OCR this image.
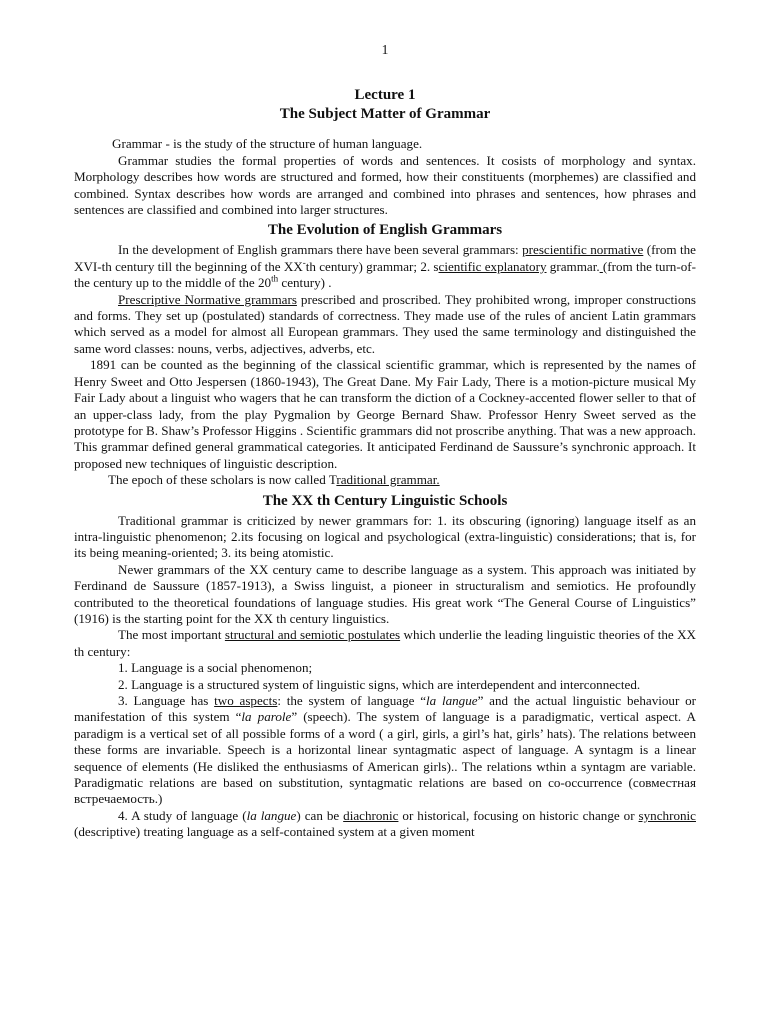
1
Lecture 1
The Subject Matter of Grammar

Grammar - is the study of the structure of human language.

Grammar studies the formal properties of words and sentences. It cosists of morphology and syntax. Morphology describes how words are structured and formed, how their constituents (morphemes) are classified and combined. Syntax describes how words are arranged and combined into phrases and sentences, how phrases and sentences are classified and combined into larger structures.

The Evolution of English Grammars

In the development of English grammars there have been several grammars: prescientific normative (from the XVI-th century till the beginning of the XX-th century) grammar; 2. scientific explanatory grammar. (from the turn-of-the century up to the middle of the 20th century) .

Prescriptive Normative grammars prescribed and proscribed. They prohibited wrong, improper constructions and forms. They set up (postulated) standards of correctness. They made use of the rules of ancient Latin grammars which served as a model for almost all European grammars. They used the same terminology and distinguished the same word classes: nouns, verbs, adjectives, adverbs, etc.

1891 can be counted as the beginning of the classical scientific grammar, which is represented by the names of Henry Sweet and Otto Jespersen (1860-1943), The Great Dane. My Fair Lady, There is a motion-picture musical My Fair Lady about a linguist who wagers that he can transform the diction of a Cockney-accented flower seller to that of an upper-class lady, from the play Pygmalion by George Bernard Shaw. Professor Henry Sweet served as the prototype for B. Shaw’s Professor Higgins . Scientific grammars did not proscribe anything. That was a new approach. This grammar defined general grammatical categories. It anticipated Ferdinand de Saussure’s synchronic approach. It proposed new techniques of linguistic description.

The epoch of these scholars is now called Traditional grammar.

The XX th Century Linguistic Schools

Traditional grammar is criticized by newer grammars for: 1. its obscuring (ignoring) language itself as an intra-linguistic phenomenon; 2.its focusing on logical and psychological (extra-linguistic) considerations; that is, for its being meaning-oriented; 3. its being atomistic.

Newer grammars of the XX century came to describe language as a system. This approach was initiated by Ferdinand de Saussure (1857-1913), a Swiss linguist, a pioneer in structuralism and semiotics. He profoundly contributed to the theoretical foundations of language studies. His great work “The General Course of Linguistics” (1916) is the starting point for the XX th century linguistics.

The most important structural and semiotic postulates which underlie the leading linguistic theories of the XX th century:

1. Language is a social phenomenon;

2. Language is a structured system of linguistic signs, which are interdependent and interconnected.

3. Language has two aspects: the system of language “la langue” and the actual linguistic behaviour or manifestation of this system “la parole” (speech). The system of language is a paradigmatic, vertical aspect. A paradigm is a vertical set of all possible forms of a word ( a girl, girls, a girl’s hat, girls’ hats). The relations between these forms are invariable. Speech is a horizontal linear syntagmatic aspect of language. A syntagm is a linear sequence of elements (He disliked the enthusiasms of American girls).. The relations wthin a syntagm are variable. Paradigmatic relations are based on substitution, syntagmatic relations are based on co-occurrence (совместная встречаемость.)

4. A study of language (la langue) can be diachronic or historical, focusing on historic change or synchronic (descriptive) treating language as a self-contained system at a given moment
